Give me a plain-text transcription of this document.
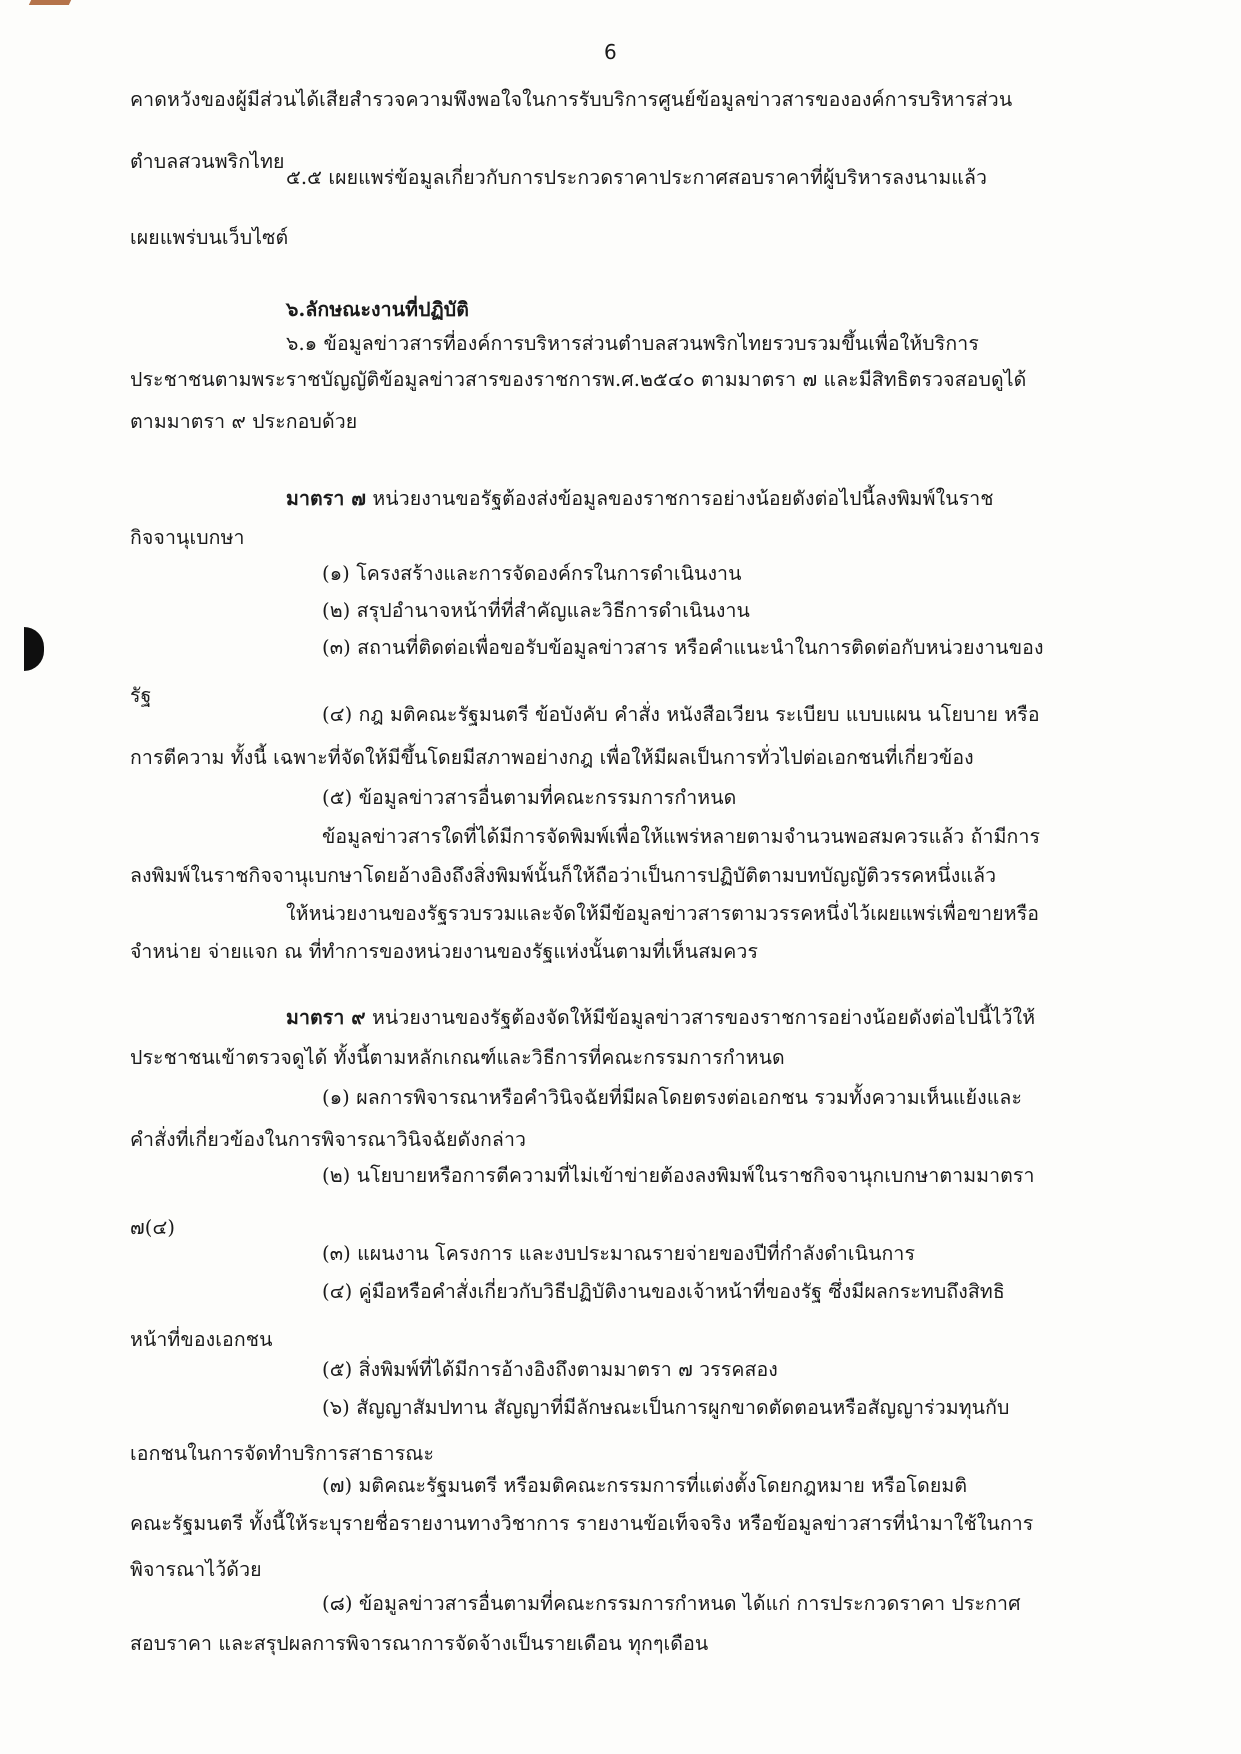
6
คาดหวังของผู้มีส่วนได้เสียสำรวจความพึงพอใจในการรับบริการศูนย์ข้อมูลข่าวสารขององค์การบริหารส่วน
ตำบลสวนพริกไทย
๕.๕ เผยแพร่ข้อมูลเกี่ยวกับการประกวดราคาประกาศสอบราคาที่ผู้บริหารลงนามแล้ว
เผยแพร่บนเว็บไซต์
๖.ลักษณะงานที่ปฏิบัติ
๖.๑ ข้อมูลข่าวสารที่องค์การบริหารส่วนตำบลสวนพริกไทยรวบรวมขึ้นเพื่อให้บริการ
ประชาชนตามพระราชบัญญัติข้อมูลข่าวสารของราชการพ.ศ.๒๕๔๐ ตามมาตรา ๗ และมีสิทธิตรวจสอบดูได้
ตามมาตรา ๙ ประกอบด้วย
มาตรา ๗ หน่วยงานขอรัฐต้องส่งข้อมูลของราชการอย่างน้อยดังต่อไปนี้ลงพิมพ์ในราช
กิจจานุเบกษา
(๑) โครงสร้างและการจัดองค์กรในการดำเนินงาน
(๒) สรุปอำนาจหน้าที่ที่สำคัญและวิธีการดำเนินงาน
(๓) สถานที่ติดต่อเพื่อขอรับข้อมูลข่าวสาร หรือคำแนะนำในการติดต่อกับหน่วยงานของ
รัฐ
(๔) กฎ มติคณะรัฐมนตรี ข้อบังคับ คำสั่ง หนังสือเวียน ระเบียบ แบบแผน นโยบาย หรือ
การตีความ ทั้งนี้ เฉพาะที่จัดให้มีขึ้นโดยมีสภาพอย่างกฎ เพื่อให้มีผลเป็นการทั่วไปต่อเอกชนที่เกี่ยวข้อง
(๕) ข้อมูลข่าวสารอื่นตามที่คณะกรรมการกำหนด
ข้อมูลข่าวสารใดที่ได้มีการจัดพิมพ์เพื่อให้แพร่หลายตามจำนวนพอสมควรแล้ว ถ้ามีการ
ลงพิมพ์ในราชกิจจานุเบกษาโดยอ้างอิงถึงสิ่งพิมพ์นั้นก็ให้ถือว่าเป็นการปฏิบัติตามบทบัญญัติวรรคหนึ่งแล้ว
ให้หน่วยงานของรัฐรวบรวมและจัดให้มีข้อมูลข่าวสารตามวรรคหนึ่งไว้เผยแพร่เพื่อขายหรือ
จำหน่าย จ่ายแจก ณ ที่ทำการของหน่วยงานของรัฐแห่งนั้นตามที่เห็นสมควร
มาตรา ๙ หน่วยงานของรัฐต้องจัดให้มีข้อมูลข่าวสารของราชการอย่างน้อยดังต่อไปนี้ไว้ให้
ประชาชนเข้าตรวจดูได้ ทั้งนี้ตามหลักเกณฑ์และวิธีการที่คณะกรรมการกำหนด
(๑) ผลการพิจารณาหรือคำวินิจฉัยที่มีผลโดยตรงต่อเอกชน รวมทั้งความเห็นแย้งและ
คำสั่งที่เกี่ยวข้องในการพิจารณาวินิจฉัยดังกล่าว
(๒) นโยบายหรือการตีความที่ไม่เข้าข่ายต้องลงพิมพ์ในราชกิจจานุกเบกษาตามมาตรา
๗(๔)
(๓) แผนงาน โครงการ และงบประมาณรายจ่ายของปีที่กำลังดำเนินการ
(๔) คู่มือหรือคำสั่งเกี่ยวกับวิธีปฏิบัติงานของเจ้าหน้าที่ของรัฐ ซึ่งมีผลกระทบถึงสิทธิ
หน้าที่ของเอกชน
(๕) สิ่งพิมพ์ที่ได้มีการอ้างอิงถึงตามมาตรา ๗ วรรคสอง
(๖) สัญญาสัมปทาน สัญญาที่มีลักษณะเป็นการผูกขาดตัดตอนหรือสัญญาร่วมทุนกับ
เอกชนในการจัดทำบริการสาธารณะ
(๗) มติคณะรัฐมนตรี หรือมติคณะกรรมการที่แต่งตั้งโดยกฎหมาย หรือโดยมติ
คณะรัฐมนตรี ทั้งนี้ให้ระบุรายชื่อรายงานทางวิชาการ รายงานข้อเท็จจริง หรือข้อมูลข่าวสารที่นำมาใช้ในการ
พิจารณาไว้ด้วย
(๘) ข้อมูลข่าวสารอื่นตามที่คณะกรรมการกำหนด ได้แก่ การประกวดราคา ประกาศ
สอบราคา และสรุปผลการพิจารณาการจัดจ้างเป็นรายเดือน ทุกๆเดือน
